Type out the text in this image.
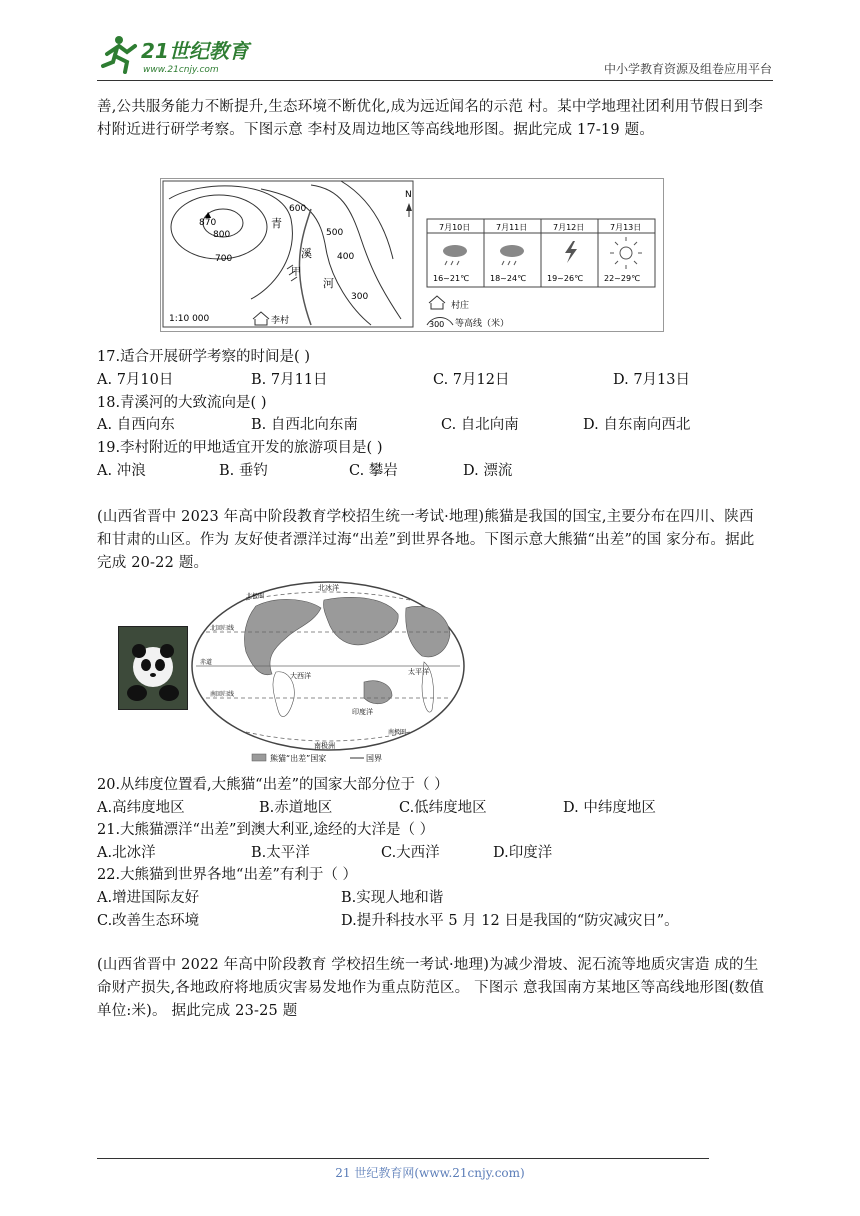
21世纪教育
www.21cnjy.com	中小学教育资源及组卷应用平台
善,公共服务能力不断提升,生态环境不断优化,成为远近闻名的示范 村。某中学地理社团利用节假日到李村附近进行研学考察。下图示意 李村及周边地区等高线地形图。据此完成 17-19 题。
870
800
700
600
500
400
300
青
溪
河
甲
1:10 000	李村
N
▲
7月10日	7月11日	7月12日	7月13日
16~21℃	18~24℃	19~26℃	22~29℃
村庄
300 等高线（米）
17.适合开展研学考察的时间是( )
A. 7月10日	B. 7月11日	C. 7月12日	D. 7月13日
18.青溪河的大致流向是( )
A. 自西向东	B. 自西北向东南	C. 自北向南	D. 自东南向西北
19.李村附近的甲地适宜开发的旅游项目是( )
A. 冲浪	B. 垂钓	C. 攀岩	D. 漂流
(山西省晋中 2023 年高中阶段教育学校招生统一考试·地理)熊猫是我国的国宝,主要分布在四川、陕西和甘肃的山区。作为 友好使者漂洋过海“出差”到世界各地。下图示意大熊猫“出差”的国 家分布。据此完成 20-22 题。
北冰洋
太平洋
大西洋
印度洋
南极洲
赤道
北回归线
南回归线
北极圈
南极圈
熊猫“出差”国家	国界
20.从纬度位置看,大熊猫“出差”的国家大部分位于（ ）
A.高纬度地区	B.赤道地区	C.低纬度地区	D. 中纬度地区
21.大熊猫漂洋“出差”到澳大利亚,途经的大洋是（ ）
A.北冰洋	B.太平洋	C.大西洋	D.印度洋
22.大熊猫到世界各地“出差”有利于（ ）
A.增进国际友好	B.实现人地和谐
C.改善生态环境	D.提升科技水平 5 月 12 日是我国的“防灾减灾日”。
(山西省晋中 2022 年高中阶段教育 学校招生统一考试·地理)为减少滑坡、泥石流等地质灾害造 成的生命财产损失,各地政府将地质灾害易发地作为重点防范区。 下图示 意我国南方某地区等高线地形图(数值单位:米)。 据此完成 23-25 题
21 世纪教育网(www.21cnjy.com)
